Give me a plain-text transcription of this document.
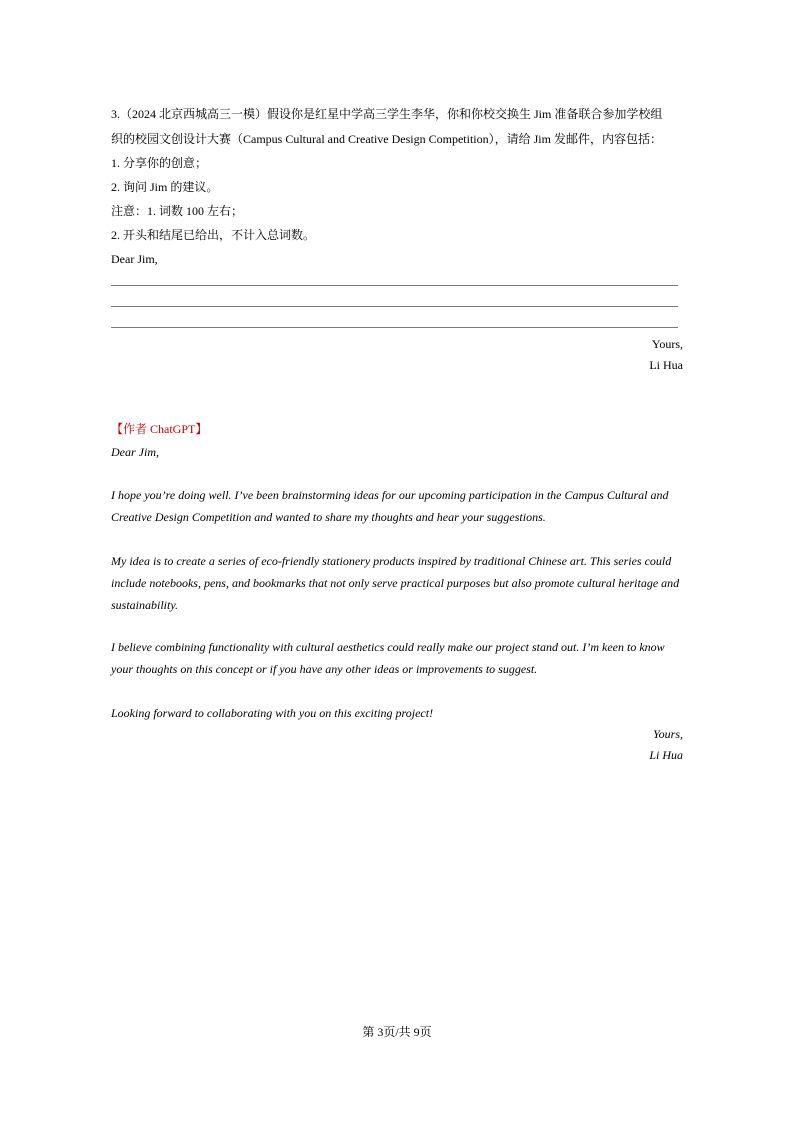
3.（2024 北京西城高三一模）假设你是红星中学高三学生李华，你和你校交换生 Jim 准备联合参加学校组
织的校园文创设计大赛（Campus Cultural and Creative Design Competition），请给 Jim 发邮件，内容包括：
1. 分享你的创意；
2. 询问 Jim 的建议。
注意：1. 词数 100 左右；
2. 开头和结尾已给出，不计入总词数。
Dear Jim,
Yours,
Li Hua
【作者 ChatGPT】
Dear Jim,
I hope you’re doing well. I’ve been brainstorming ideas for our upcoming participation in the Campus Cultural and Creative Design Competition and wanted to share my thoughts and hear your suggestions.
My idea is to create a series of eco-friendly stationery products inspired by traditional Chinese art. This series could include notebooks, pens, and bookmarks that not only serve practical purposes but also promote cultural heritage and sustainability.
I believe combining functionality with cultural aesthetics could really make our project stand out. I’m keen to know your thoughts on this concept or if you have any other ideas or improvements to suggest.
Looking forward to collaborating with you on this exciting project!
Yours,
Li Hua
第 3页/共 9页
